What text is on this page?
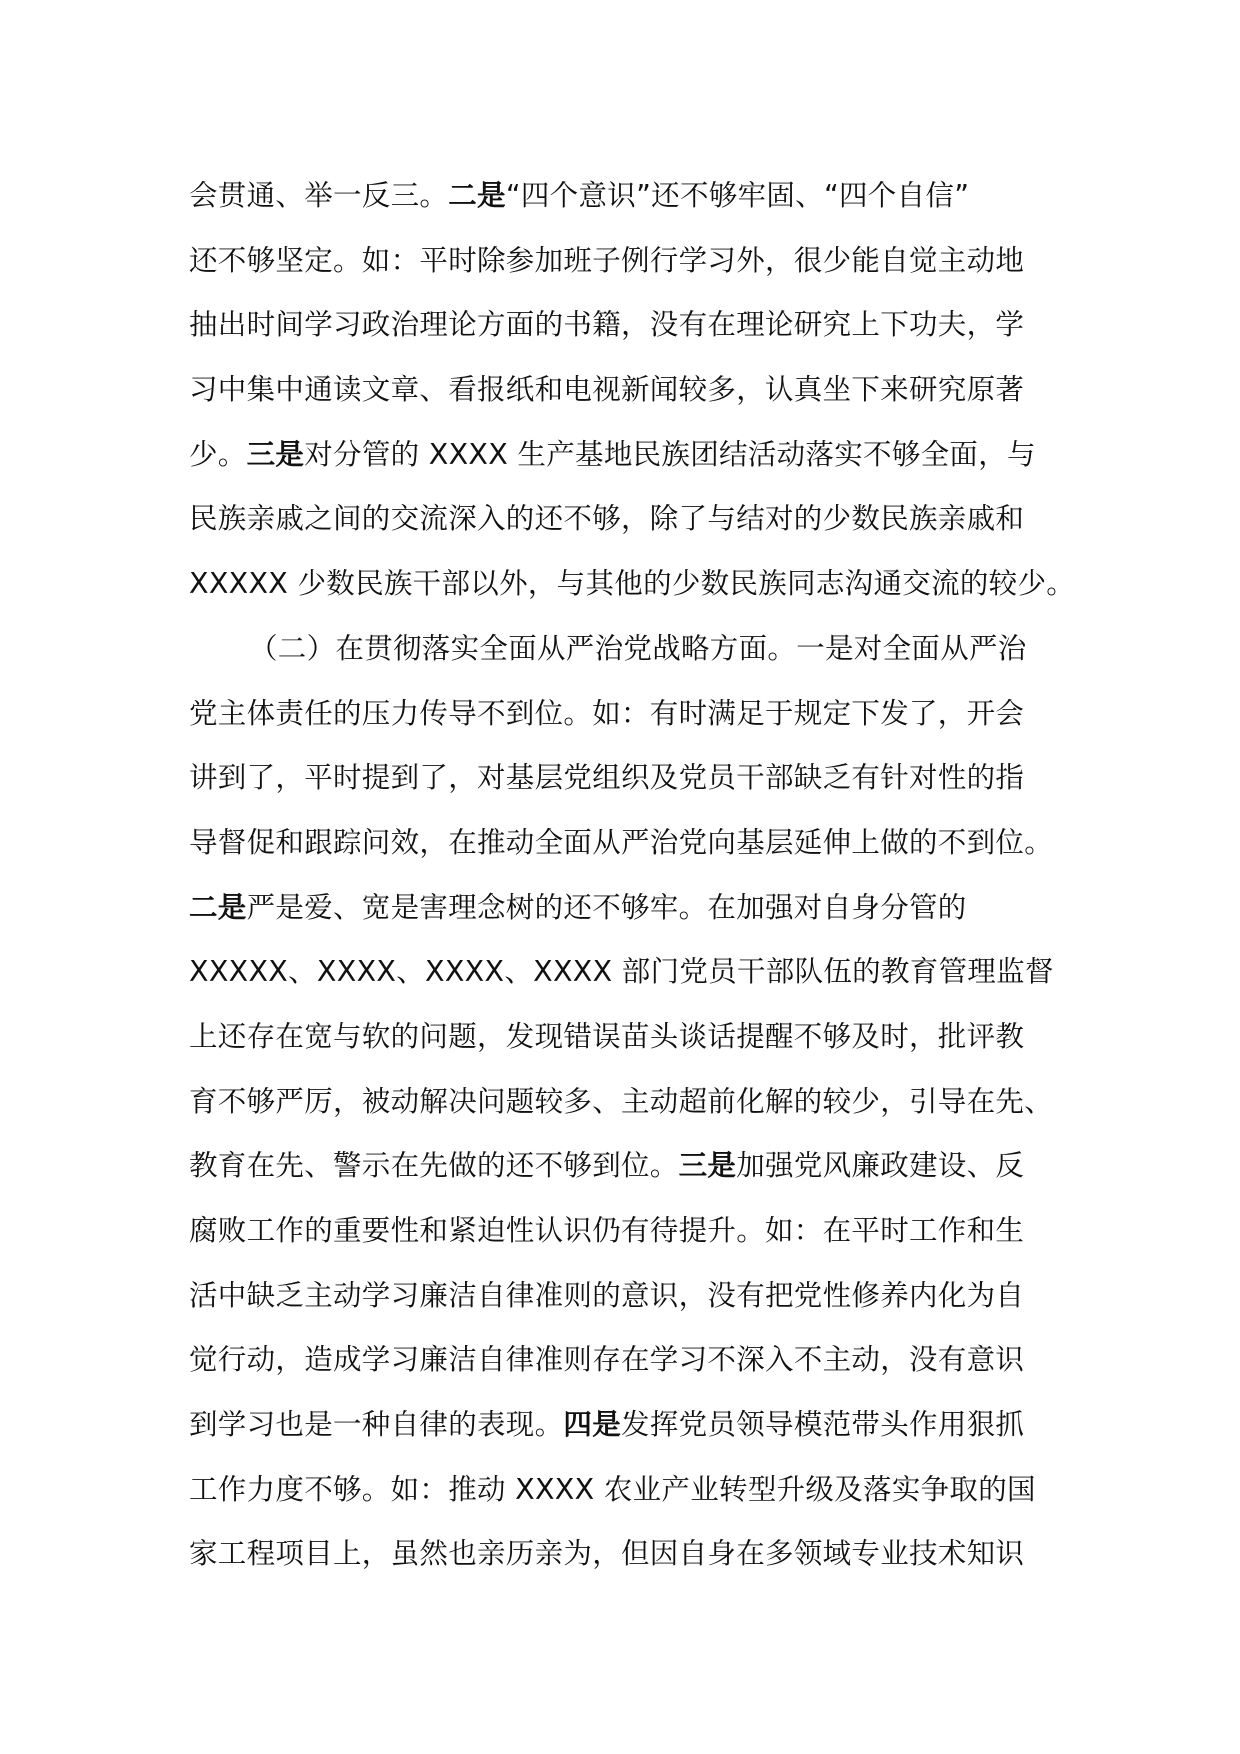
会贯通、举一反三。二是“四个意识”还不够牢固、“四个自信”
还不够坚定。如：平时除参加班子例行学习外，很少能自觉主动地
抽出时间学习政治理论方面的书籍，没有在理论研究上下功夫，学
习中集中通读文章、看报纸和电视新闻较多，认真坐下来研究原著
少。三是对分管的 XXXX 生产基地民族团结活动落实不够全面，与
民族亲戚之间的交流深入的还不够，除了与结对的少数民族亲戚和
XXXXX 少数民族干部以外，与其他的少数民族同志沟通交流的较少。
（二）在贯彻落实全面从严治党战略方面。一是对全面从严治
党主体责任的压力传导不到位。如：有时满足于规定下发了，开会
讲到了，平时提到了，对基层党组织及党员干部缺乏有针对性的指
导督促和跟踪问效，在推动全面从严治党向基层延伸上做的不到位。
二是严是爱、宽是害理念树的还不够牢。在加强对自身分管的
XXXXX、XXXX、XXXX、XXXX 部门党员干部队伍的教育管理监督
上还存在宽与软的问题，发现错误苗头谈话提醒不够及时，批评教
育不够严厉，被动解决问题较多、主动超前化解的较少，引导在先、
教育在先、警示在先做的还不够到位。三是加强党风廉政建设、反
腐败工作的重要性和紧迫性认识仍有待提升。如：在平时工作和生
活中缺乏主动学习廉洁自律准则的意识，没有把党性修养内化为自
觉行动，造成学习廉洁自律准则存在学习不深入不主动，没有意识
到学习也是一种自律的表现。四是发挥党员领导模范带头作用狠抓
工作力度不够。如：推动 XXXX 农业产业转型升级及落实争取的国
家工程项目上，虽然也亲历亲为，但因自身在多领域专业技术知识
